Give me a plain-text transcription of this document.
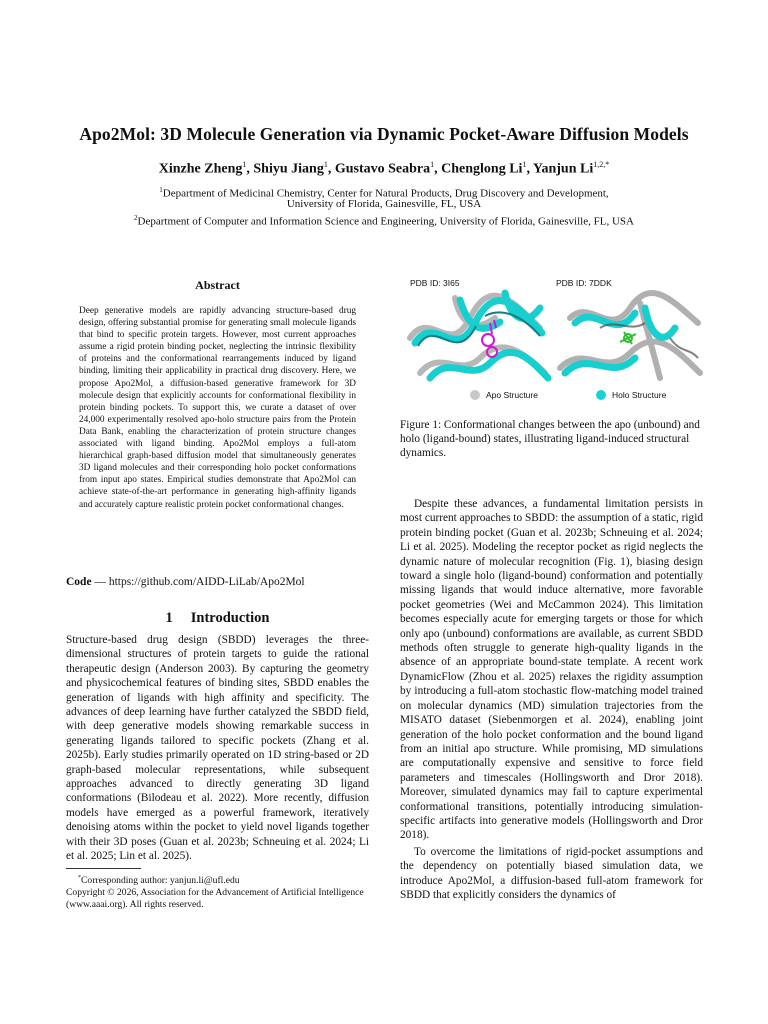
Apo2Mol: 3D Molecule Generation via Dynamic Pocket-Aware Diffusion Models
Xinzhe Zheng$^1$, Shiyu Jiang$^1$, Gustavo Seabra$^1$, Chenglong Li$^1$, Yanjun $Li^{1,2,*}$
$^1$Department of Medicinal Chemistry, Center for Natural Products, Drug Discovery and Development,
University of Florida, Gainesville, FL, USA
$^2$Department of Computer and Information Science and Engineering, University of Florida, Gainesville, FL, USA
Abstract
Deep generative models are rapidly advancing structure-based drug design, offering substantial promise for generating small molecule ligands that bind to specific protein targets. However, most current approaches assume a rigid protein binding pocket, neglecting the intrinsic flexibility of proteins and the conformational rearrangements induced by ligand binding, limiting their applicability in practical drug discovery. Here, we propose Apo2Mol, a diffusion-based generative framework for 3D molecule design that explicitly accounts for conformational flexibility in protein binding pockets. To support this, we curate a dataset of over 24,000 experimentally resolved apo-holo structure pairs from the Protein Data Bank, enabling the characterization of protein structure changes associated with ligand binding. Apo2Mol employs a full-atom hierarchical graph-based diffusion model that simultaneously generates 3D ligand molecules and their corresponding holo pocket conformations from input apo states. Empirical studies demonstrate that Apo2Mol can achieve state-of-the-art performance in generating high-affinity ligands and accurately capture realistic protein pocket conformational changes.
Code — https://github.com/AIDD-LiLab/Apo2Mol
1 Introduction
Structure-based drug design (SBDD) leverages the three-dimensional structures of protein targets to guide the rational therapeutic design (Anderson 2003). By capturing the geometry and physicochemical features of binding sites, SBDD enables the generation of ligands with high affinity and specificity. The advances of deep learning have further catalyzed the SBDD field, with deep generative models showing remarkable success in generating ligands tailored to specific pockets (Zhang et al. 2025b). Early studies primarily operated on 1D string-based or 2D graph-based molecular representations, while subsequent approaches advanced to directly generating 3D ligand conformations (Bilodeau et al. 2022). More recently, diffusion models have emerged as a powerful framework, iteratively denoising atoms within the pocket to yield novel ligands together with their 3D poses (Guan et al. 2023b; Schneuing et al. 2024; Li et al. 2025; Lin et al. 2025).
*Corresponding author: yanjun.li@ufl.edu
Copyright © 2026, Association for the Advancement of Artificial Intelligence (www.aaai.org). All rights reserved.
PDB ID: 3I65	PDB ID: 7DDK
Apo Structure	Holo Structure
Figure 1: Conformational changes between the apo (unbound) and holo (ligand-bound) states, illustrating ligand-induced structural dynamics.

Despite these advances, a fundamental limitation persists in most current approaches to SBDD: the assumption of a static, rigid protein binding pocket (Guan et al. 2023b; Schneuing et al. 2024; Li et al. 2025). Modeling the receptor pocket as rigid neglects the dynamic nature of molecular recognition (Fig. 1), biasing design toward a single holo (ligand-bound) conformation and potentially missing ligands that would induce alternative, more favorable pocket geometries (Wei and McCammon 2024). This limitation becomes especially acute for emerging targets or those for which only apo (unbound) conformations are available, as current SBDD methods often struggle to generate high-quality ligands in the absence of an appropriate bound-state template. A recent work DynamicFlow (Zhou et al. 2025) relaxes the rigidity assumption by introducing a full-atom stochastic flow-matching model trained on molecular dynamics (MD) simulation trajectories from the MISATO dataset (Siebenmorgen et al. 2024), enabling joint generation of the holo pocket conformation and the bound ligand from an initial apo structure. While promising, MD simulations are computationally expensive and sensitive to force field parameters and timescales (Hollingsworth and Dror 2018). Moreover, simulated dynamics may fail to capture experimental conformational transitions, potentially introducing simulation-specific artifacts into generative models (Hollingsworth and Dror 2018).

To overcome the limitations of rigid-pocket assumptions and the dependency on potentially biased simulation data, we introduce Apo2Mol, a diffusion-based full-atom framework for SBDD that explicitly considers the dynamics of
